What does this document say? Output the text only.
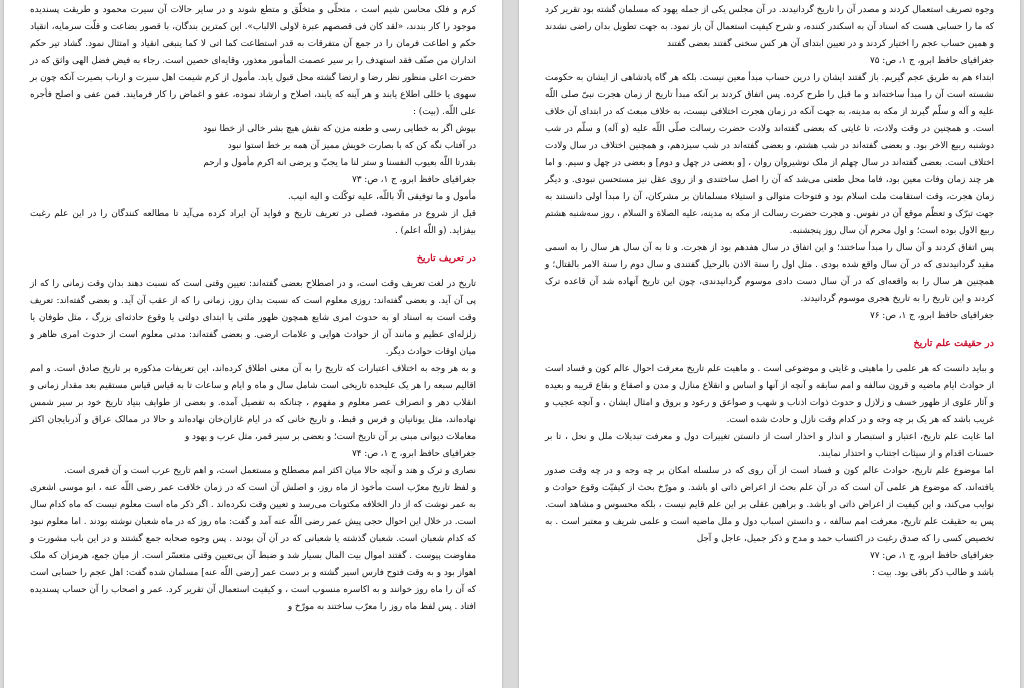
کرم و فلک محاسن شیم است ، متحلّی و متخلّق و متطع شوند و در سایر حالات آن سیرت محمود و طریقت پسندیده موجود را کار بندند، «لقد کان فی قصصهم عبرة لاولی الالباب». این کمترین بندگان، با قصور بضاعت و قلّت سرمایه، انقیاد حکم و اطاعت فرمان را در جمع آن متفرقات به قدر استطاعت کما اتی لا کما ینبغی انقیاد و امتثال نمود. گشاد تیر حکم انداران من صنّف فقد استهدف را بر سیر عصمت المأمور معذور، وقایه‌ای حصین است. رجاء به فیض فضل الهی واثق که در حضرت اعلی منظور نظر رضا و ارتضا گشته محل قبول یابد. مأمول از کرم شیمت اهل سیرت و ارباب بصیرت آنکه چون بر سهوی یا خللی اطلاع یابند و هر آینه که یابند، اصلاح و ارشاد نموده، عفو و اغماض را کار فرمایند. فمن عفی و اصلح فأجره علی اللّه. (بیت) :

بپوش اگر به خطایی رسی و طعنه مزن که نقش هیچ بشر خالی از خطا نبود

در آفتاب نگه کن که با بصارت خویش ممیز آن همه بر خط استوا نبود

بقدرتا اللّه بعیوب النفسنا و ستر لنا ما یجبّ و یرضی انه اکرم مأمول و ارحم

جغرافیای حافظ ابرو، ج ۱، ص: ۷۳

مأمول و ما توفیقی الّا باللّه، علیه توکّلت و الیه انیب.

قبل از شروع در مقصود، فصلی در تعریف تاریخ و فواید آن ایراد کرده می‌آید تا مطالعه کنندگان را در این علم رغبت بیفزاید. (و اللّه اعلم) .

در تعریف تاریخ

تاریخ در لغت تعریف وقت است، و در اصطلاح بعضی گفته‌اند: تعیین وقتی است که نسبت دهند بدان وقت زمانی را که از پی آن آید. و بعضی گفته‌اند: روزی معلوم است که نسبت بدان روز، زمانی را که از عقب آن آید. و بعضی گفته‌اند: تعریف وقت است به اسناد او به حدوث امری شایع همچون ظهور ملتی یا ابتدای دولتی یا وقوع حادثه‌ای بزرگ ، مثل طوفان یا زلزله‌ای عظیم و مانند آن از حوادث هوایی و علامات ارضی. و بعضی گفته‌اند: مدتی معلوم است از حدوث امری ظاهر و میان اوقات حوادث دیگر.

و به هر وجه به اختلاف اعتبارات که تاریخ را به آن معنی اطلاق کرده‌اند، این تعریفات مذکوره بر تاریخ صادق است. و امم اقالیم سبعه را هر یک علیحده تاریخی است شامل سال و ماه و ایام و ساعات تا به قیاس قیاس مستقیم بعد مقدار زمانی و انقلاب دهر و انصراف عصر معلوم و مفهوم ، چنانکه به تفصیل آمده. و بعضی از طوایف بنیاد تاریخ خود بر سیر شمس نهاده‌اند، مثل یونانیان و فرس و قبط، و تاریخ خانی که در ایام غازان‌خان نهاده‌اند و حالا در ممالک عراق و آذربایجان اکثر معاملات دیوانی مبنی بر آن تاریخ است؛ و بعضی بر سیر قمر، مثل عرب و یهود و

جغرافیای حافظ ابرو، ج ۱، ص: ۷۴

نصاری و ترک و هند و آنچه حالا میان اکثر امم مصطلح و مستعمل است، و اهم تاریخ عرب است و آن قمری است.

و لفظ تاریخ معرّب است مأخوذ از ماه روز، و اصلش آن است که در زمان خلافت عمر رضی اللّه عنه ، ابو موسی اشعری به عمر نوشت که از دار الخلافه مکتوبات می‌رسد و تعیین وقت نکرده‌اند . اگر ذکر ماه است معلوم نیست که ماه کدام سال است. در خلال این احوال حجی پیش عمر رضی اللّه عنه آمد و گفت: ماه روز که در ماه شعبان نوشته بودند . اما معلوم نبود که کدام شعبان است. شعبان گذشته یا شعبانی که در آن آن بودند . پس وجوه صحابه جمع گشتند و در این باب مشورت و مفاوضت پیوست . گفتند اموال بیت المال بسیار شد و ضبط آن بی‌تعیین وقتی متعسّر است. از میان جمع، هرمزان که ملک اهواز بود و به وقت فتوح فارس اسیر گشته و بر دست عمر [رضی اللّه عنه] مسلمان شده گفت: اهل عجم را حسابی است که آن را ماه روز خوانند و به اکاسره منسوب است ، و کیفیت استعمال آن تقریر کرد. عمر و اصحاب را آن حساب پسندیده افتاد . پس لفظ ماه روز را معرّب ساختند به مورّخ و

وجوه تصریف استعمال کردند و مصدر آن را تاریخ گردانیدند. در آن مجلس یکی از جمله یهود که مسلمان گشته بود تقریر کرد که ما را حسابی هست که اسناد آن به اسکندر کننده، و شرح کیفیت استعمال آن باز نمود. به جهت تطویل بدان راضی نشدند و همین حساب عجم را اختیار کردند و در تعیین ابتدای آن هر کس سخنی گفتند بعضی گفتند

جغرافیای حافظ ابرو، ج ۱، ص: ۷۵

ابتداء هم به طریق عجم گیریم. باز گفتند ایشان را درین حساب مبدأ معین نیست. بلکه هر گاه پادشاهی از ایشان به حکومت نشسته است آن را مبدأ ساخته‌اند و ما قبل را طرح کرده. پس اتفاق کردند بر آنکه مبدأ تاریخ از زمان هجرت نبیّ صلی اللّه علیه و آله و سلّم گیرند از مکه به مدینه، به جهت آنکه در زمان هجرت اختلافی نیست، به خلاف مبعث که در ابتدای آن خلاف است. و همچنین در وقت ولادت، تا غایتی که بعضی گفته‌اند ولادت حضرت رسالت صلّی اللّه علیه (و آله) و سلّم در شب دوشنبه ربیع الاخر بود. و بعضی گفته‌اند در شب هشتم، و بعضی گفته‌اند در شب سیزدهم، و همچنین اختلاف در سال ولادت اختلاف است. بعضی گفته‌اند در سال چهلم از ملک نوشیروان روان ، [و بعضی در چهل و دوم] و بعضی در چهل و سیم. و اما هر چند زمان وفات معین بود، فاما محل طعنی می‌شد که آن را اصل ساختندی و از روی عقل نیز مستحسن نبودی. و دیگر زمان هجرت، وقت استقامت ملت اسلام بود و فتوحات متوالی و استیلاء مسلمانان بر مشرکان، آن را مبدأ اولی دانستند به جهت تبرّک و تعظّم موقع آن در نفوس. و هجرت حضرت رسالت از مکه به مدینه، علیه الصلاة و السلام ، روز سه‌شنبه هشتم ربیع الاول بوده است؛ و اول محرم آن سال روز پنجشنبه.

پس اتفاق کردند و آن سال را مبدأ ساختند؛ و این اتفاق در سال هفدهم بود از هجرت. و تا به آن سال هر سال را به اسمی مقید گردانیدندی که در آن سال واقع شده بودی . مثل اول را سنة الاذن بالرحیل گفتندی و سال دوم را سنة الامر بالقتال؛ و همچنین هر سال را به واقعه‌ای که در آن سال دست دادی موسوم گردانیدندی، چون این تاریخ آنهاده شد آن قاعده ترک کردند و این تاریخ را به تاریخ هجری موسوم گردانیدند.

جغرافیای حافظ ابرو، ج ۱، ص: ۷۶

در حقیقت علم تاریخ

و بباید دانست که هر علمی را ماهیتی و غایتی و موضوعی است . و ماهیت علم تاریخ معرفت احوال عالم کون و فساد است از حوادث ایام ماضیه و قرون سالفه و امم سابقه و آنچه از آنها و اساس و انقلاع منازل و مدن و اصقاع و بقاع قریبه و بعیده و آثار علوی از ظهور خسف و زلازل و حدوث ذوات اذناب و شهب و صواعق و رعود و بروق و امثال ایشان ، و آنچه عجیب و غریب باشد که هر یک بر چه وجه و در کدام وقت نازل و حادث شده است.

اما غایت علم تاریخ، اعتبار و استبصار و انذار و احذار است از دانستن تغییرات دول و معرفت تبدیلات ملل و نحل ، تا بر حسنات اقدام و از سیئات اجتناب و احتذار نمایند.

اما موضوع علم تاریخ، حوادث عالم کون و فساد است از آن روی که در سلسله امکان بر چه وجه و در چه وقت صدور یافته‌اند، که موضوع هر علمی آن است که در آن علم بحث از اعراض ذاتی او باشد. و مورّخ بحث از کیفیّت وقوع حوادث و نوایب می‌کند، و این کیفیت از اعراض ذاتی او باشد. و براهین عقلی بر این علم قایم نیست ، بلکه محسوس و مشاهد است. پس به حقیقت علم تاریخ، معرفت امم سالفه ، و دانستن اسباب دول و ملل ماضیه است و علمی شریف و معتبر است . به تخصیص کسی را که صدق رغبت در اکتساب حمد و مدح و ذکر جمیل، عاجل و آجل

جغرافیای حافظ ابرو، ج ۱، ص: ۷۷

باشد و طالب ذکر باقی بود. بیت :
